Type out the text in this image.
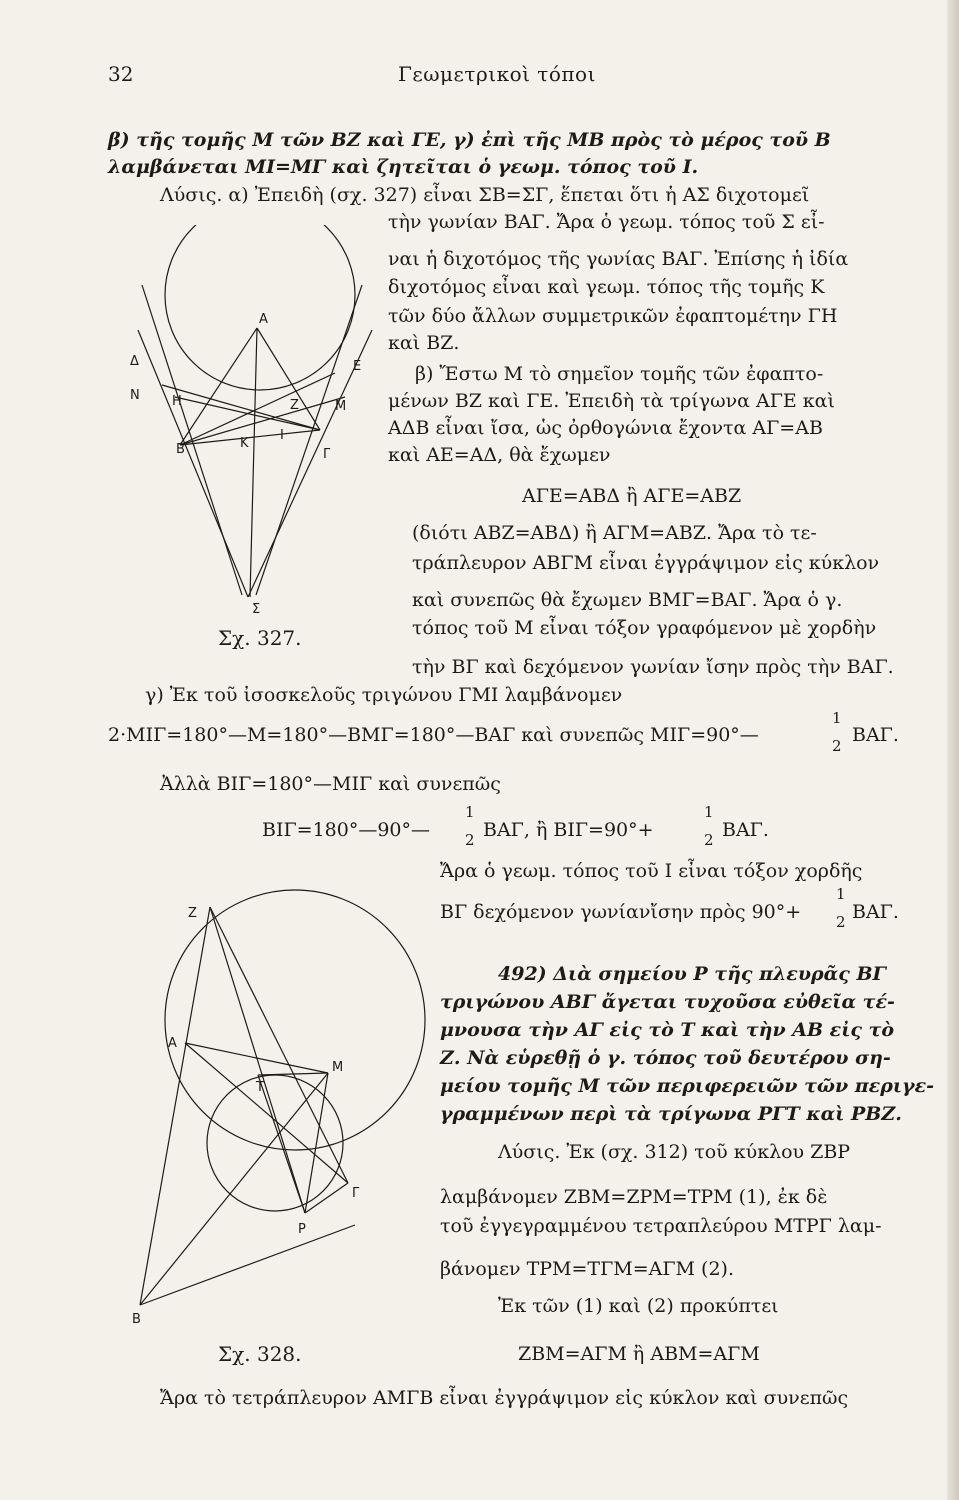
32	Γεωμετρικοὶ τόποι
β) τῆς τομῆς Μ τῶν ΒΖ καὶ ΓΕ, γ) ἐπὶ τῆς ΜΒ πρὸς τὸ μέρος τοῦ Β
λαμβάνεται ΜΙ=ΜΓ καὶ ζητεῖται ὁ γεωμ. τόπος τοῦ Ι.
Λύσις. α) Ἐπειδὴ (σχ. 327) εἶναι ΣΒ=ΣΓ, ἕπεται ὅτι ἡ ΑΣ διχοτομεῖ
τὴν γωνίαν ΒΑΓ. Ἄρα ὁ γεωμ. τόπος τοῦ Σ εἶ-
ναι ἡ διχοτόμος τῆς γωνίας ΒΑΓ. Ἐπίσης ἡ ἰδία
διχοτόμος εἶναι καὶ γεωμ. τόπος τῆς τομῆς Κ
τῶν δύο ἄλλων συμμετρικῶν ἐφαπτομέτην ΓΗ
καὶ ΒΖ.
β) Ἔστω Μ τὸ σημεῖον τομῆς τῶν ἐφαπτο-
μένων ΒΖ καὶ ΓΕ. Ἐπειδὴ τὰ τρίγωνα ΑΓΕ καὶ
ΑΔΒ εἶναι ἴσα, ὡς ὀρθογώνια ἔχοντα ΑΓ=ΑΒ
καὶ ΑΕ=ΑΔ, θὰ ἔχωμεν
ΑΓΕ=ΑΒΔ ἢ ΑΓΕ=ΑΒΖ
(διότι ΑΒΖ=ΑΒΔ) ἢ ΑΓΜ=ΑΒΖ. Ἄρα τὸ τε-
τράπλευρον ΑΒΓΜ εἶναι ἐγγράψιμον εἰς κύκλον
καὶ συνεπῶς θὰ ἔχωμεν ΒΜΓ=ΒΑΓ. Ἄρα ὁ γ.
τόπος τοῦ Μ εἶναι τόξον γραφόμενον μὲ χορδὴν
τὴν ΒΓ καὶ δεχόμενον γωνίαν ἴσην πρὸς τὴν ΒΑΓ.
γ) Ἐκ τοῦ ἰσοσκελοῦς τριγώνου ΓΜΙ λαμβάνομεν
2·ΜΙΓ=180°—Μ=180°—ΒΜΓ=180°—ΒΑΓ καὶ συνεπῶς ΜΙΓ=90°—
1
2 ΒΑΓ.
Ἀλλὰ ΒΙΓ=180°—ΜΙΓ καὶ συνεπῶς
ΒΙΓ=180°—90°—
1
2 ΒΑΓ, ἢ ΒΙΓ=90°+
1
2 ΒΑΓ.
Ἄρα ὁ γεωμ. τόπος τοῦ Ι εἶναι τόξον χορδῆς
ΒΓ δεχόμενον γωνίανἴσην πρὸς 90°+
1
2 ΒΑΓ.
492) Διὰ σημείου Ρ τῆς πλευρᾶς ΒΓ
τριγώνου ΑΒΓ ἄγεται τυχοῦσα εὐθεῖα τέ-
μνουσα τὴν ΑΓ εἰς τὸ Τ καὶ τὴν ΑΒ εἰς τὸ
Ζ. Νὰ εὑρεθῇ ὁ γ. τόπος τοῦ δευτέρου ση-
μείου τομῆς Μ τῶν περιφερειῶν τῶν περιγε-
γραμμένων περὶ τὰ τρίγωνα ΡΓΤ καὶ ΡΒΖ.
Λύσις. Ἐκ (σχ. 312) τοῦ κύκλου ΖΒΡ
λαμβάνομεν ΖΒΜ=ΖΡΜ=ΤΡΜ (1), ἐκ δὲ
τοῦ ἐγγεγραμμένου τετραπλεύρου ΜΤΡΓ λαμ-
βάνομεν ΤΡΜ=ΤΓΜ=ΑΓΜ (2).
Ἐκ τῶν (1) καὶ (2) προκύπτει
ΖΒΜ=ΑΓΜ ἢ ΑΒΜ=ΑΓΜ
Ἄρα τὸ τετράπλευρον ΑΜΓΒ εἶναι ἐγγράψιμον εἰς κύκλον καὶ συνεπῶς
Σχ. 327.
Σχ. 328.
Α
Δ	Ε
Ν Η	Ζ	Μ
Κ
Ι
Β	Γ
Σ
Ζ
Α
Τ
Μ
Γ
Ρ
Β
